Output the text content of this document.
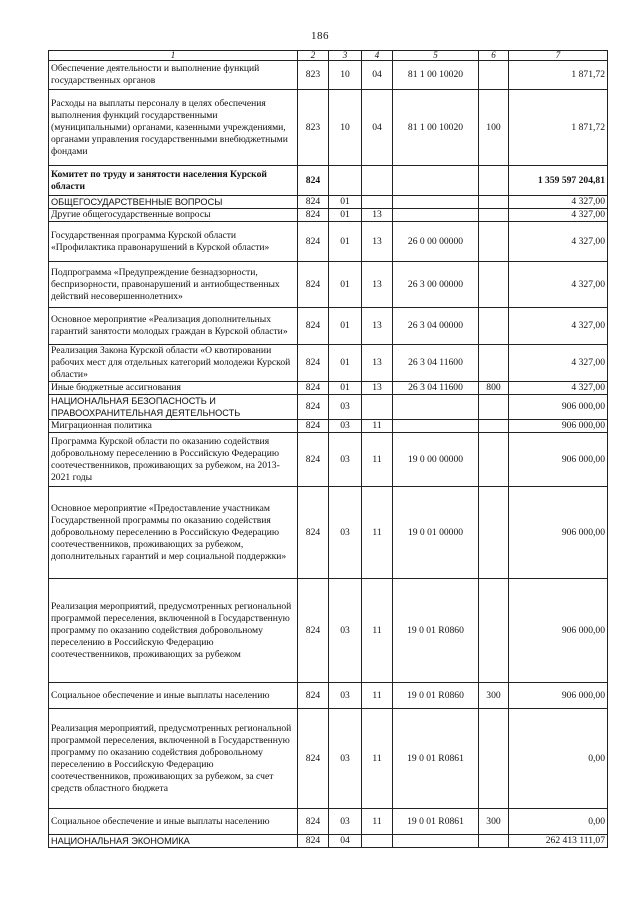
186
1	2	3	4	5	6	7
Обеспечение деятельности и выполнение функций государственных органов	823	10	04	81 1 00 10020		1 871,72
Расходы на выплаты персоналу в целях обеспечения выполнения функций государственными (муниципальными) органами, казенными учреждениями, органами управления государственными внебюджетными фондами	823	10	04	81 1 00 10020	100	1 871,72
Комитет по труду и занятости населения Курской области	824					1 359 597 204,81
ОБЩЕГОСУДАРСТВЕННЫЕ ВОПРОСЫ	824	01				4 327,00
Другие общегосударственные вопросы	824	01	13			4 327,00
Государственная программа Курской области «Профилактика правонарушений в Курской области»	824	01	13	26 0 00 00000		4 327,00
Подпрограмма «Предупреждение безнадзорности, беспризорности, правонарушений и антиобщественных действий несовершеннолетних»	824	01	13	26 3 00 00000		4 327,00
Основное мероприятие «Реализация дополнительных гарантий занятости молодых граждан в Курской области»	824	01	13	26 3 04 00000		4 327,00
Реализация Закона Курской области «О квотировании рабочих мест для отдельных категорий молодежи Курской области»	824	01	13	26 3 04 11600		4 327,00
Иные бюджетные ассигнования	824	01	13	26 3 04 11600	800	4 327,00
НАЦИОНАЛЬНАЯ БЕЗОПАСНОСТЬ И ПРАВООХРАНИТЕЛЬНАЯ ДЕЯТЕЛЬНОСТЬ	824	03				906 000,00
Миграционная политика	824	03	11			906 000,00
Программа Курской области по оказанию содействия добровольному переселению в Российскую Федерацию соотечественников, проживающих за рубежом, на 2013-2021 годы	824	03	11	19 0 00 00000		906 000,00
Основное мероприятие «Предоставление участникам Государственной программы по оказанию содействия добровольному переселению в Российскую Федерацию соотечественников, проживающих за рубежом, дополнительных гарантий и мер социальной поддержки»	824	03	11	19 0 01 00000		906 000,00
Реализация мероприятий, предусмотренных региональной программой переселения, включенной в Государственную программу по оказанию содействия добровольному переселению в Российскую Федерацию соотечественников, проживающих за рубежом	824	03	11	19 0 01 R0860		906 000,00
Социальное обеспечение и иные выплаты населению	824	03	11	19 0 01 R0860	300	906 000,00
Реализация мероприятий, предусмотренных региональной программой переселения, включенной в Государственную программу по оказанию содействия добровольному переселению в Российскую Федерацию соотечественников, проживающих за рубежом, за счет средств областного бюджета	824	03	11	19 0 01 R0861		0,00
Социальное обеспечение и иные выплаты населению	824	03	11	19 0 01 R0861	300	0,00
НАЦИОНАЛЬНАЯ ЭКОНОМИКА	824	04				262 413 111,07
